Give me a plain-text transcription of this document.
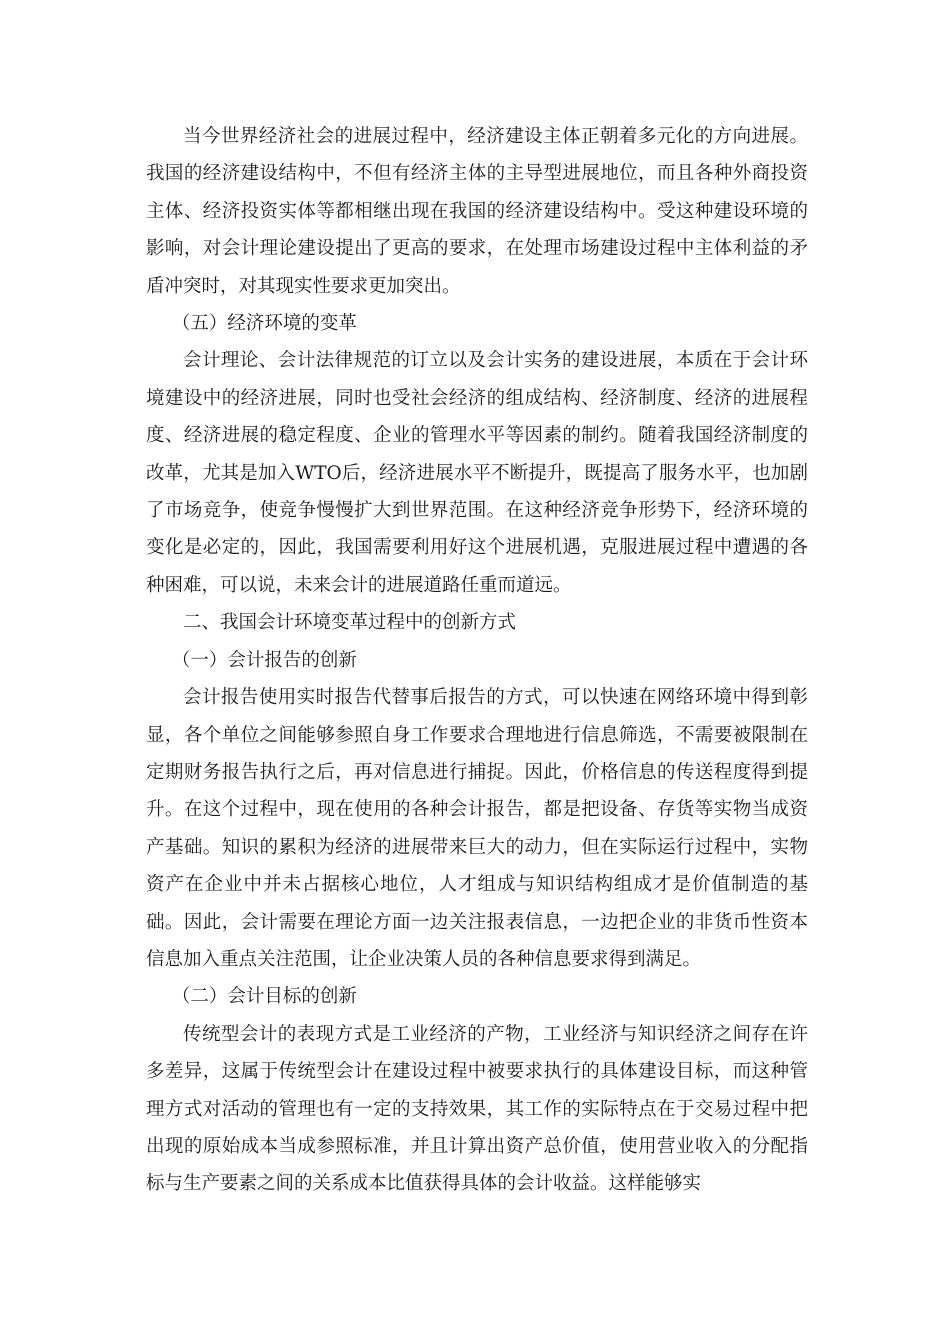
当今世界经济社会的进展过程中，经济建设主体正朝着多元化的方向进展。我国的经济建设结构中，不但有经济主体的主导型进展地位，而且各种外商投资主体、经济投资实体等都相继出现在我国的经济建设结构中。受这种建设环境的影响，对会计理论建设提出了更高的要求，在处理市场建设过程中主体利益的矛盾冲突时，对其现实性要求更加突出。

（五）经济环境的变革

会计理论、会计法律规范的订立以及会计实务的建设进展，本质在于会计环境建设中的经济进展，同时也受社会经济的组成结构、经济制度、经济的进展程度、经济进展的稳定程度、企业的管理水平等因素的制约。随着我国经济制度的改革，尤其是加入WTO后，经济进展水平不断提升，既提高了服务水平，也加剧了市场竞争，使竞争慢慢扩大到世界范围。在这种经济竞争形势下，经济环境的变化是必定的，因此，我国需要利用好这个进展机遇，克服进展过程中遭遇的各种困难，可以说，未来会计的进展道路任重而道远。

二、我国会计环境变革过程中的创新方式

（一）会计报告的创新

会计报告使用实时报告代替事后报告的方式，可以快速在网络环境中得到彰显，各个单位之间能够参照自身工作要求合理地进行信息筛选，不需要被限制在定期财务报告执行之后，再对信息进行捕捉。因此，价格信息的传送程度得到提升。在这个过程中，现在使用的各种会计报告，都是把设备、存货等实物当成资产基础。知识的累积为经济的进展带来巨大的动力，但在实际运行过程中，实物资产在企业中并未占据核心地位，人才组成与知识结构组成才是价值制造的基础。因此，会计需要在理论方面一边关注报表信息，一边把企业的非货币性资本信息加入重点关注范围，让企业决策人员的各种信息要求得到满足。

（二）会计目标的创新

传统型会计的表现方式是工业经济的产物，工业经济与知识经济之间存在许多差异，这属于传统型会计在建设过程中被要求执行的具体建设目标，而这种管理方式对活动的管理也有一定的支持效果，其工作的实际特点在于交易过程中把出现的原始成本当成参照标准，并且计算出资产总价值，使用营业收入的分配指标与生产要素之间的关系成本比值获得具体的会计收益。这样能够实
